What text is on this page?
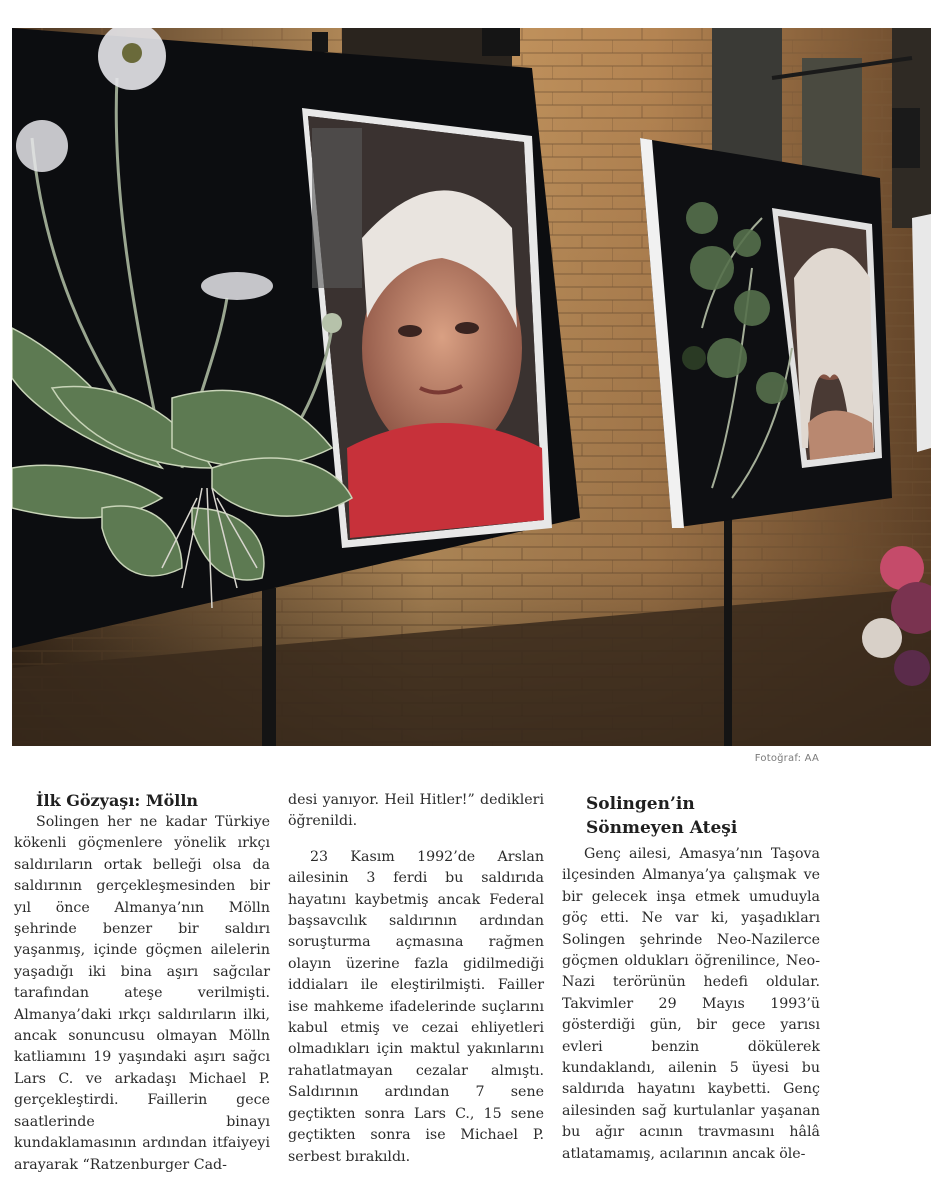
Fotoğraf: AA
İlk Gözyaşı: Mölln

Solingen her ne kadar Türkiye kökenli göçmenlere yönelik ırkçı saldırıların ortak belleği olsa da saldırının gerçekleşmesinden bir yıl önce Almanya’nın Mölln şehrinde benzer bir saldırı yaşanmış, içinde göçmen ailelerin yaşadığı iki bina aşırı sağcılar tarafından ateşe verilmişti. Almanya’daki ırkçı saldırıların ilki, ancak sonuncusu olmayan Mölln katliamını 19 yaşındaki aşırı sağcı Lars C. ve arkadaşı Michael P. gerçekleştirdi. Faillerin gece saatlerinde binayı kundaklamasının ardından itfaiyeyi arayarak “Ratzenburger Cad-

desi yanıyor. Heil Hitler!” dedikleri öğrenildi.

23 Kasım 1992’de Arslan ailesinin 3 ferdi bu saldırıda hayatını kaybetmiş ancak Federal başsavcılık saldırının ardından soruşturma açmasına rağmen olayın üzerine fazla gidilmediği iddiaları ile eleştirilmişti. Failler ise mahkeme ifadelerinde suçlarını kabul etmiş ve cezai ehliyetleri olmadıkları için maktul yakınlarını rahatlatmayan cezalar almıştı. Saldırının ardından 7 sene geçtikten sonra Lars C., 15 sene geçtikten sonra ise Michael P. serbest bırakıldı.

Solingen’in
Sönmeyen Ateşi

Genç ailesi, Amasya’nın Taşova ilçesinden Almanya’ya çalışmak ve bir gelecek inşa etmek umuduyla göç etti. Ne var ki, yaşadıkları Solingen şehrinde Neo-Nazilerce göçmen oldukları öğrenilince, Neo-Nazi terörünün hedefi oldular. Takvimler 29 Mayıs 1993’ü gösterdiği gün, bir gece yarısı evleri benzin dökülerek kundaklandı, ailenin 5 üyesi bu saldırıda hayatını kaybetti. Genç ailesinden sağ kurtulanlar yaşanan bu ağır acının travmasını hâlâ atlatamamış, acılarının ancak öle-
